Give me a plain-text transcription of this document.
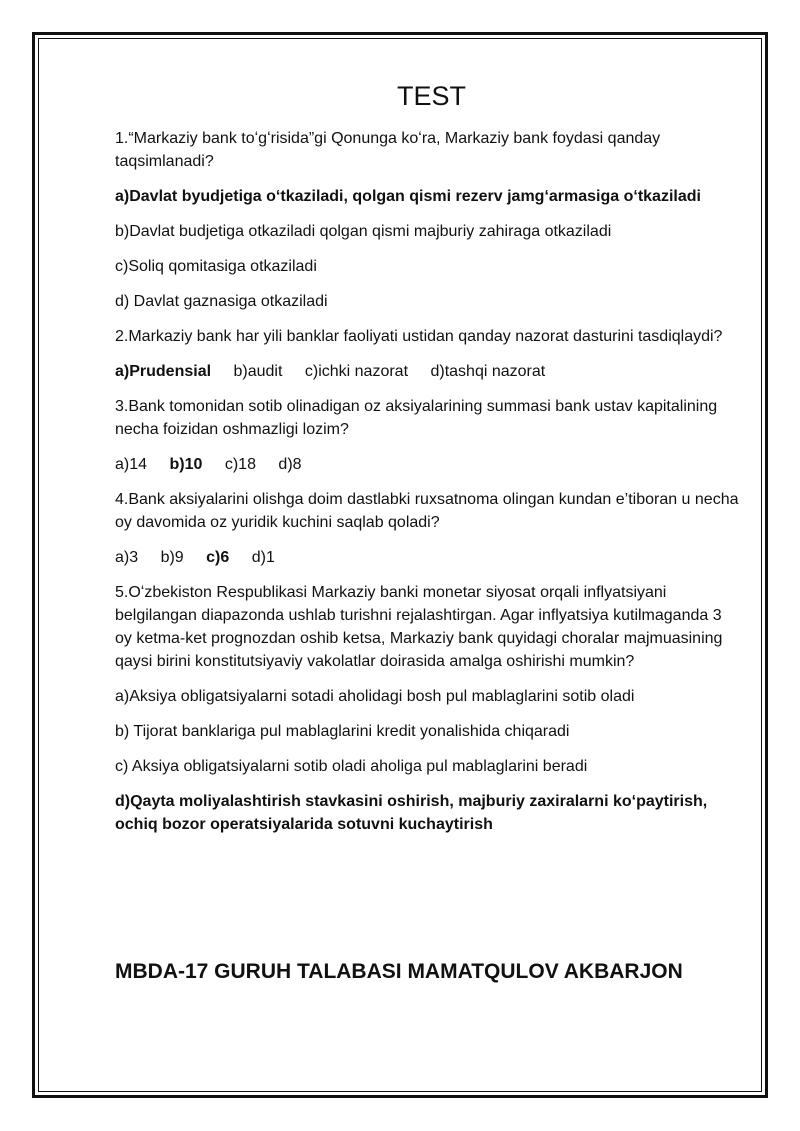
TEST

1.“Markaziy bank toʻgʻrisida”gi Qonunga koʻra, Markaziy bank foydasi qanday taqsimlanadi?

a)Davlat byudjetiga oʻtkaziladi, qolgan qismi rezerv jamgʻarmasiga oʻtkaziladi

b)Davlat budjetiga otkaziladi qolgan qismi majburiy zahiraga otkaziladi

c)Soliq qomitasiga otkaziladi

d) Davlat gaznasiga otkaziladi

2.Markaziy bank har yili banklar faoliyati ustidan qanday nazorat dasturini tasdiqlaydi?

a)Prudensial b)audit c)ichki nazorat d)tashqi nazorat

3.Bank tomonidan sotib olinadigan oz aksiyalarining summasi bank ustav kapitalining necha foizidan oshmazligi lozim?

a)14 b)10 c)18 d)8

4.Bank aksiyalarini olishga doim dastlabki ruxsatnoma olingan kundan e’tiboran u necha oy davomida oz yuridik kuchini saqlab qoladi?

a)3 b)9 c)6 d)1

5.Oʻzbekiston Respublikasi Markaziy banki monetar siyosat orqali inflyatsiyani belgilangan diapazonda ushlab turishni rejalashtirgan. Agar inflyatsiya kutilmaganda 3 oy ketma-ket prognozdan oshib ketsa, Markaziy bank quyidagi choralar majmuasining qaysi birini konstitutsiyaviy vakolatlar doirasida amalga oshirishi mumkin?

a)Aksiya obligatsiyalarni sotadi aholidagi bosh pul mablaglarini sotib oladi

b) Tijorat banklariga pul mablaglarini kredit yonalishida chiqaradi

c) Aksiya obligatsiyalarni sotib oladi aholiga pul mablaglarini beradi

d)Qayta moliyalashtirish stavkasini oshirish, majburiy zaxiralarni koʻpaytirish, ochiq bozor operatsiyalarida sotuvni kuchaytirish

MBDA-17 GURUH TALABASI MAMATQULOV AKBARJON
